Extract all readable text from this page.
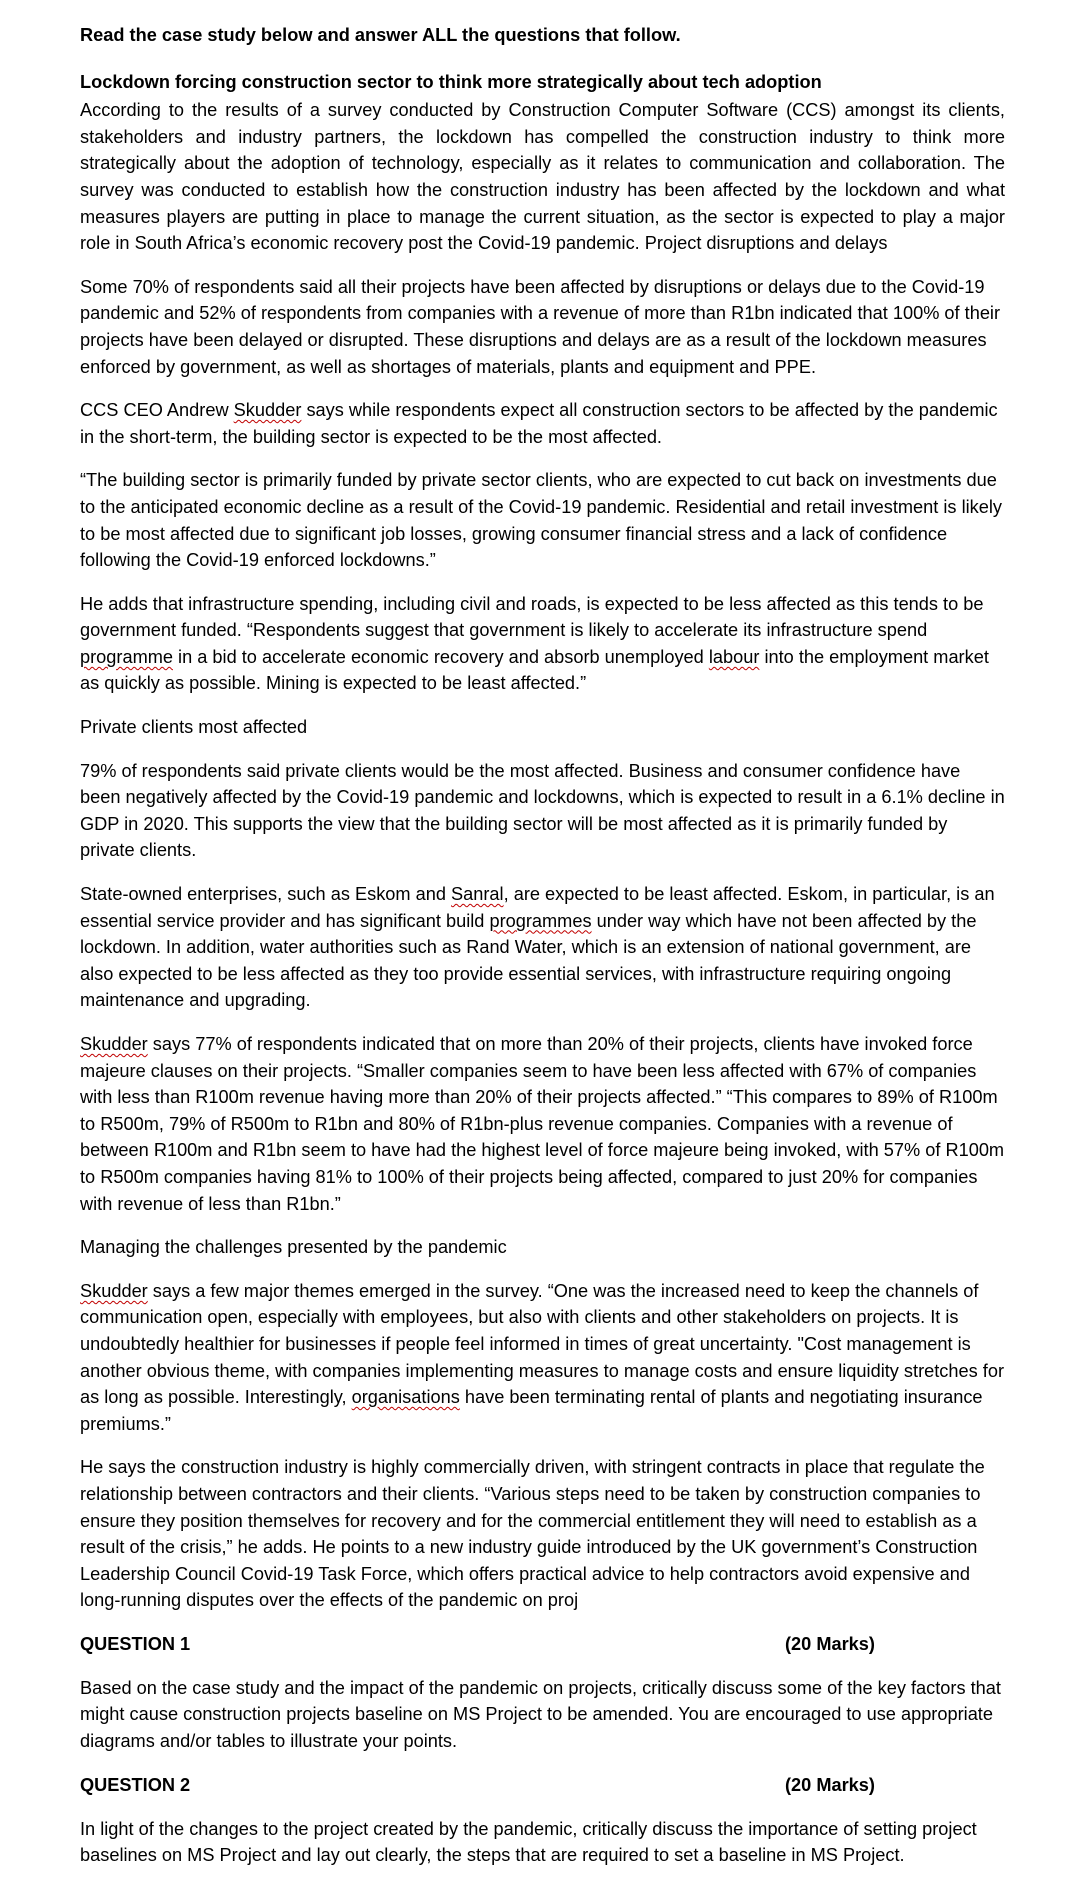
Read the case study below and answer ALL the questions that follow.

Lockdown forcing construction sector to think more strategically about tech adoption

According to the results of a survey conducted by Construction Computer Software (CCS) amongst its clients, stakeholders and industry partners, the lockdown has compelled the construction industry to think more strategically about the adoption of technology, especially as it relates to communication and collaboration. The survey was conducted to establish how the construction industry has been affected by the lockdown and what measures players are putting in place to manage the current situation, as the sector is expected to play a major role in South Africa’s economic recovery post the Covid-19 pandemic. Project disruptions and delays

Some 70% of respondents said all their projects have been affected by disruptions or delays due to the Covid-19 pandemic and 52% of respondents from companies with a revenue of more than R1bn indicated that 100% of their projects have been delayed or disrupted. These disruptions and delays are as a result of the lockdown measures enforced by government, as well as shortages of materials, plants and equipment and PPE.

CCS CEO Andrew Skudder says while respondents expect all construction sectors to be affected by the pandemic in the short-term, the building sector is expected to be the most affected.

“The building sector is primarily funded by private sector clients, who are expected to cut back on investments due to the anticipated economic decline as a result of the Covid-19 pandemic. Residential and retail investment is likely to be most affected due to significant job losses, growing consumer financial stress and a lack of confidence following the Covid-19 enforced lockdowns.”

He adds that infrastructure spending, including civil and roads, is expected to be less affected as this tends to be government funded. “Respondents suggest that government is likely to accelerate its infrastructure spend programme in a bid to accelerate economic recovery and absorb unemployed labour into the employment market as quickly as possible. Mining is expected to be least affected.”

Private clients most affected

79% of respondents said private clients would be the most affected. Business and consumer confidence have been negatively affected by the Covid-19 pandemic and lockdowns, which is expected to result in a 6.1% decline in GDP in 2020. This supports the view that the building sector will be most affected as it is primarily funded by private clients.

State-owned enterprises, such as Eskom and Sanral, are expected to be least affected. Eskom, in particular, is an essential service provider and has significant build programmes under way which have not been affected by the lockdown. In addition, water authorities such as Rand Water, which is an extension of national government, are also expected to be less affected as they too provide essential services, with infrastructure requiring ongoing maintenance and upgrading.

Skudder says 77% of respondents indicated that on more than 20% of their projects, clients have invoked force majeure clauses on their projects. “Smaller companies seem to have been less affected with 67% of companies with less than R100m revenue having more than 20% of their projects affected.” “This compares to 89% of R100m to R500m, 79% of R500m to R1bn and 80% of R1bn-plus revenue companies. Companies with a revenue of between R100m and R1bn seem to have had the highest level of force majeure being invoked, with 57% of R100m to R500m companies having 81% to 100% of their projects being affected, compared to just 20% for companies with revenue of less than R1bn.”

Managing the challenges presented by the pandemic

Skudder says a few major themes emerged in the survey. “One was the increased need to keep the channels of communication open, especially with employees, but also with clients and other stakeholders on projects. It is undoubtedly healthier for businesses if people feel informed in times of great uncertainty. "Cost management is another obvious theme, with companies implementing measures to manage costs and ensure liquidity stretches for as long as possible. Interestingly, organisations have been terminating rental of plants and negotiating insurance premiums.”

He says the construction industry is highly commercially driven, with stringent contracts in place that regulate the relationship between contractors and their clients. “Various steps need to be taken by construction companies to ensure they position themselves for recovery and for the commercial entitlement they will need to establish as a result of the crisis,” he adds. He points to a new industry guide introduced by the UK government’s Construction Leadership Council Covid-19 Task Force, which offers practical advice to help contractors avoid expensive and long-running disputes over the effects of the pandemic on proj

QUESTION 1	(20 Marks)

Based on the case study and the impact of the pandemic on projects, critically discuss some of the key factors that might cause construction projects baseline on MS Project to be amended. You are encouraged to use appropriate diagrams and/or tables to illustrate your points.

QUESTION 2	(20 Marks)

In light of the changes to the project created by the pandemic, critically discuss the importance of setting project baselines on MS Project and lay out clearly, the steps that are required to set a baseline in MS Project.
